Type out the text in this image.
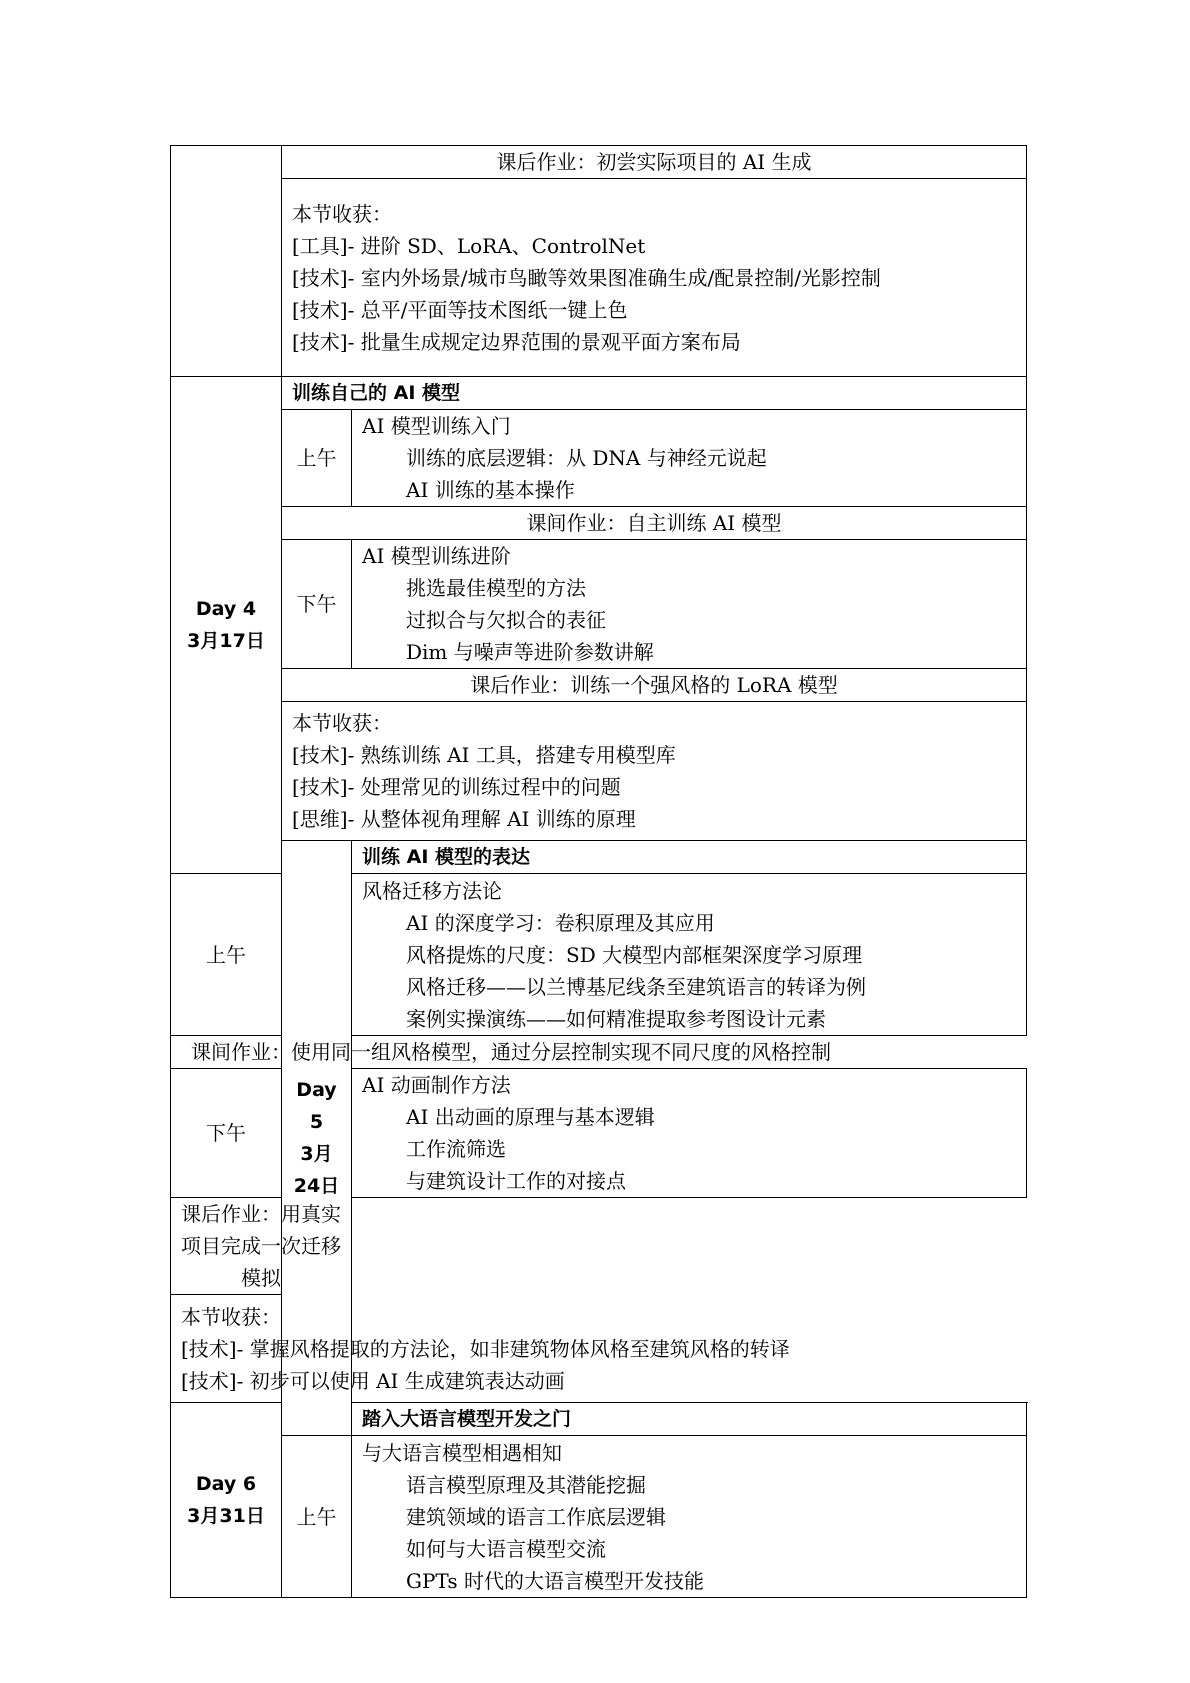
	课后作业：初尝实际项目的 AI 生成	

	本节收获：
[工具]- 进阶 SD、LoRA、ControlNet
[技术]- 室内外场景/城市鸟瞰等效果图准确生成/配景控制/光影控制
[技术]- 总平/平面等技术图纸一键上色
[技术]- 批量生成规定边界范围的景观平面方案布局	

Day 4
3月17日	训练自己的 AI 模型	
	上午	AI 模型训练入门
训练的底层逻辑：从 DNA 与神经元说起
AI 训练的基本操作

	课间作业：自主训练 AI 模型	
	下午	AI 模型训练进阶
挑选最佳模型的方法
过拟合与欠拟合的表征
Dim 与噪声等进阶参数讲解

	课后作业：训练一个强风格的 LoRA 模型	

	本节收获：
[技术]- 熟练训练 AI 工具，搭建专用模型库
[技术]- 处理常见的训练过程中的问题
[思维]- 从整体视角理解 AI 训练的原理	

	Day 5
3月24日	训练 AI 模型的表达
上午		风格迁移方法论
AI 的深度学习：卷积原理及其应用
风格提炼的尺度：SD 大模型内部框架深度学习原理
风格迁移——以兰博基尼线条至建筑语言的转译为例
案例实操演练——如何精准提取参考图设计元素

课间作业：使用同一组风格模型，通过分层控制实现不同尺度的风格控制		
下午		AI 动画制作方法
AI 出动画的原理与基本逻辑
工作流筛选
与建筑设计工作的对接点

课后作业：用真实项目完成一次迁移模拟		

本节收获：
[技术]- 掌握风格提取的方法论，如非建筑物体风格至建筑风格的转译
[技术]- 初步可以使用 AI 生成建筑表达动画		

Day 6
3月31日		踏入大语言模型开发之门
	上午	与大语言模型相遇相知
语言模型原理及其潜能挖掘
建筑领域的语言工作底层逻辑
如何与大语言模型交流
GPTs 时代的大语言模型开发技能
